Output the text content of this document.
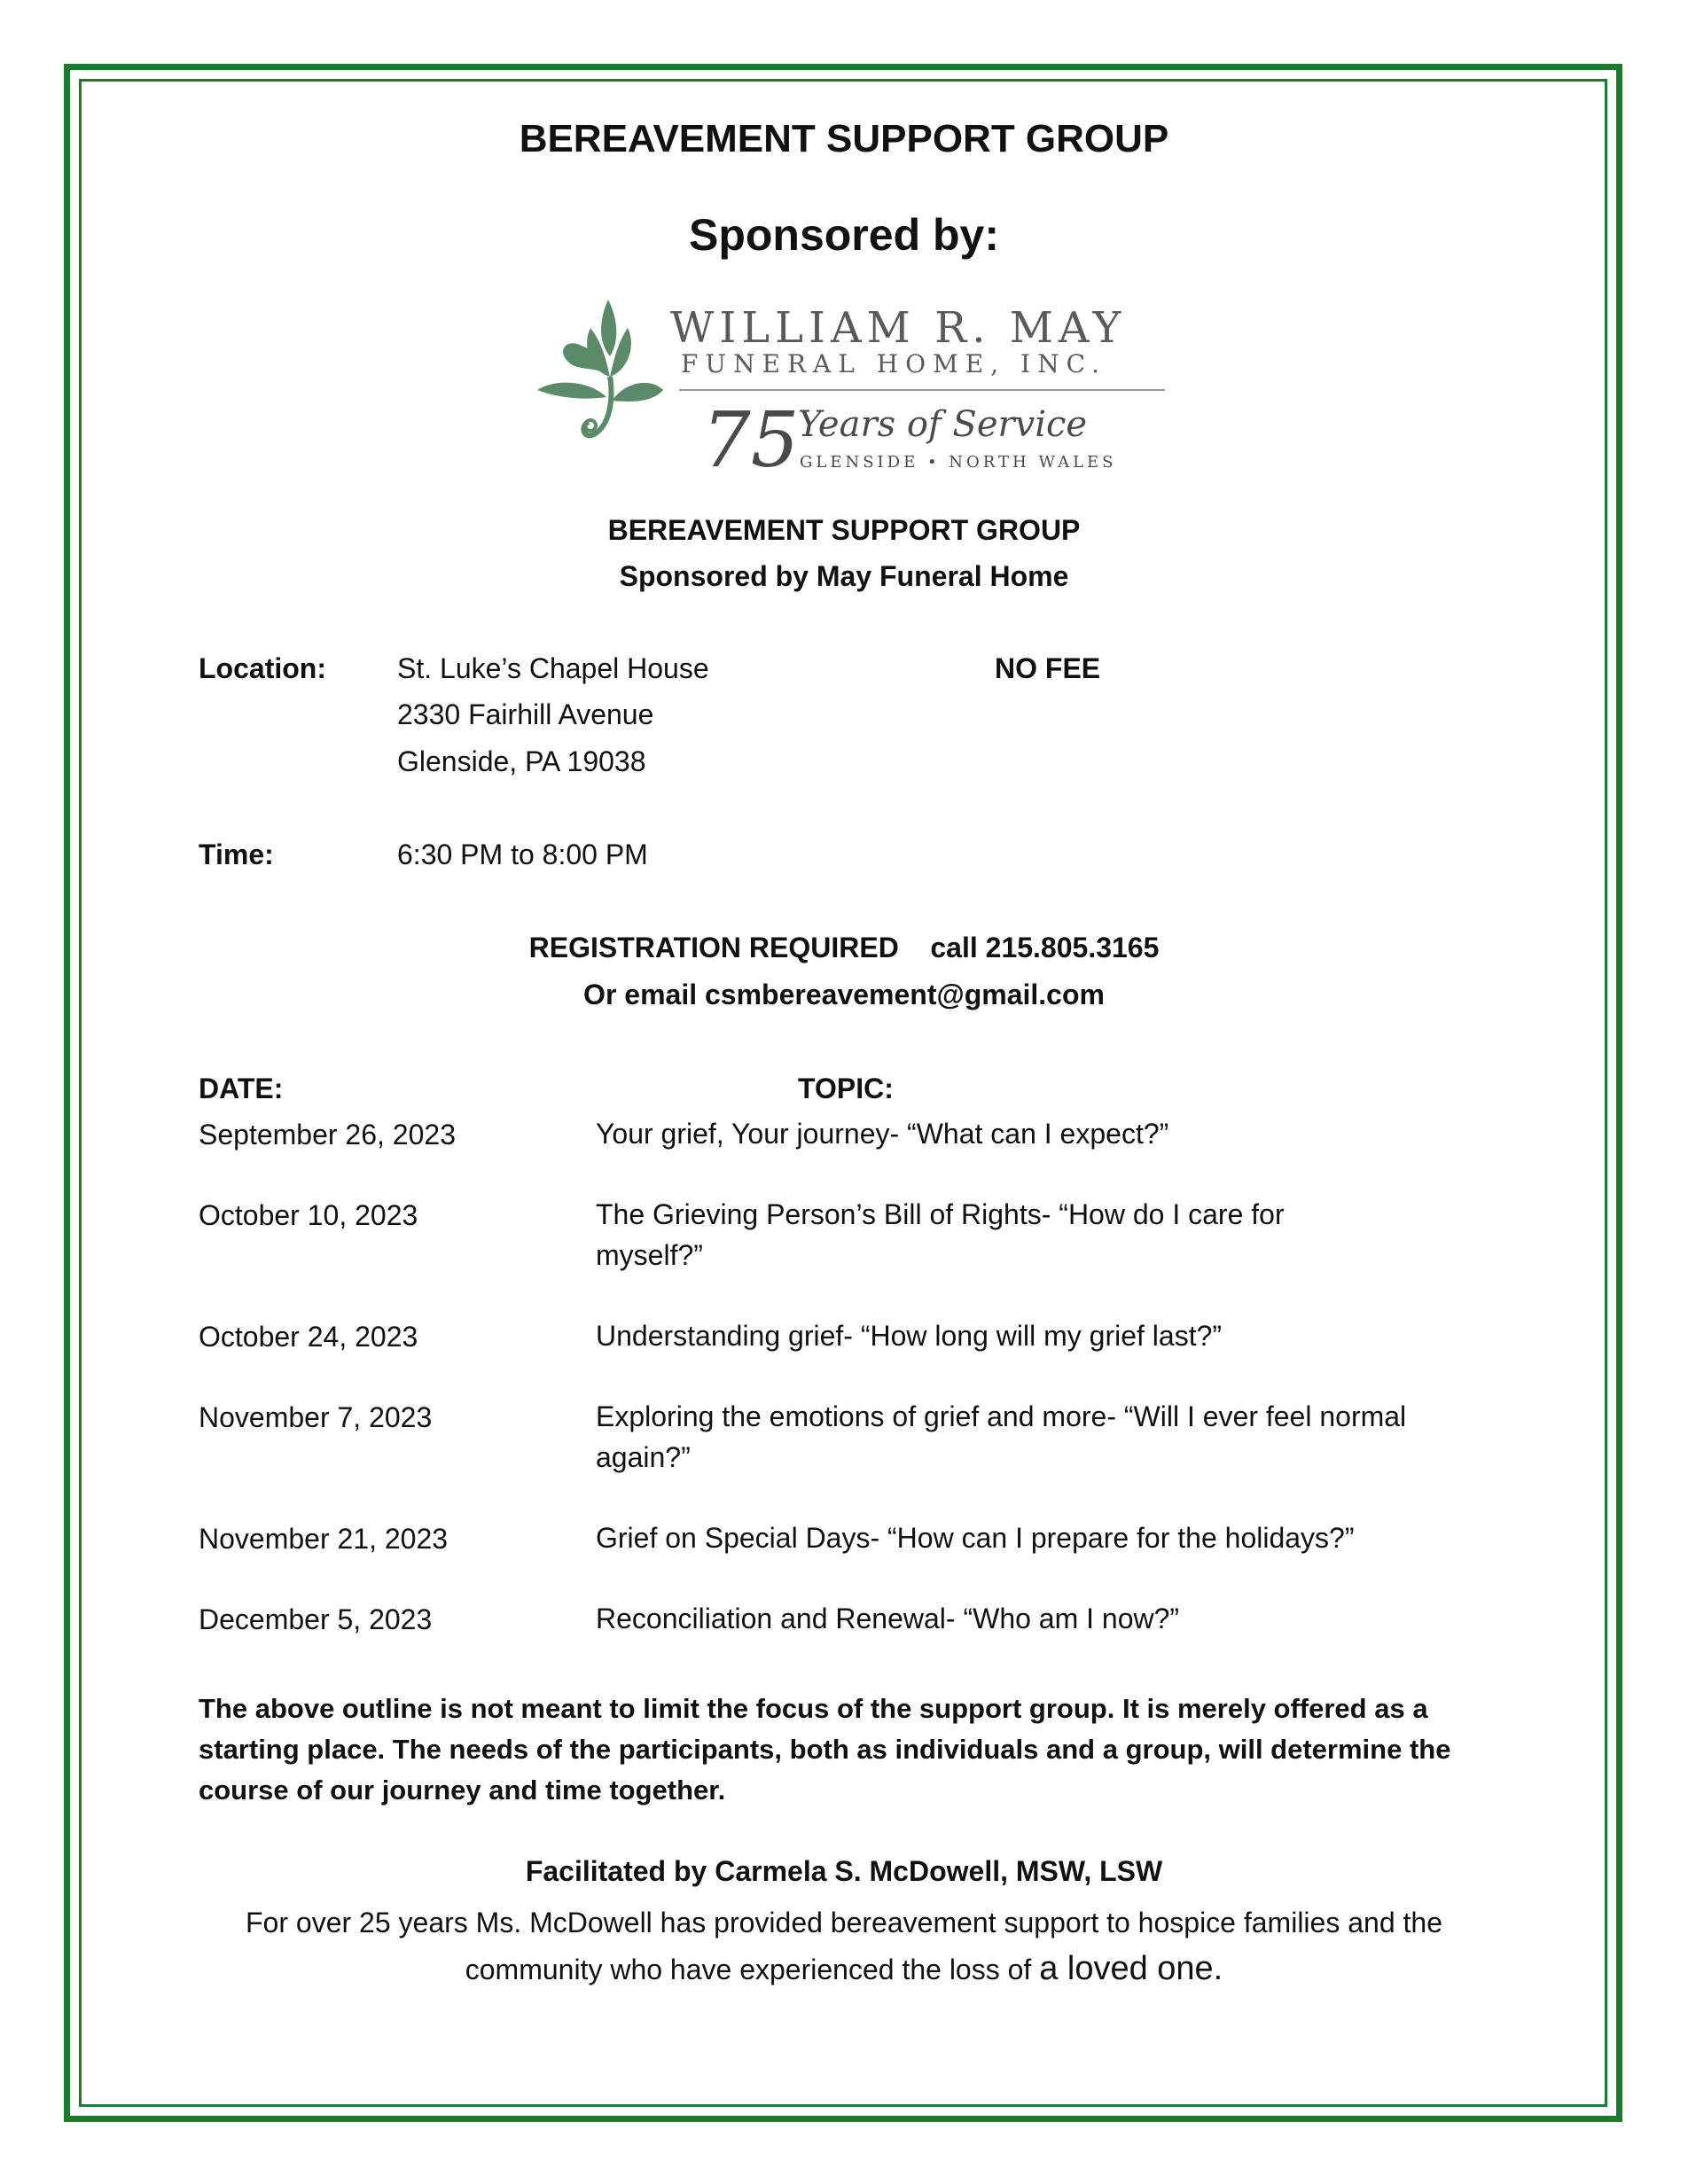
BEREAVEMENT SUPPORT GROUP
Sponsored by:
WILLIAM R. MAY
FUNERAL HOME, INC.
75
Years of Service
GLENSIDE • NORTH WALES
BEREAVEMENT SUPPORT GROUP
Sponsored by May Funeral Home
Location:	St. Luke’s Chapel House
2330 Fairhill Avenue
Glenside, PA 19038
NO FEE
Time:	6:30 PM to 8:00 PM
REGISTRATION REQUIRED call 215.805.3165
Or email csmbereavement@gmail.com
DATE:	TOPIC:
September 26, 2023	Your grief, Your journey- “What can I expect?”
October 10, 2023	The Grieving Person’s Bill of Rights- “How do I care for myself?”
October 24, 2023	Understanding grief- “How long will my grief last?”
November 7, 2023	Exploring the emotions of grief and more- “Will I ever feel normal again?”
November 21, 2023	Grief on Special Days- “How can I prepare for the holidays?”
December 5, 2023	Reconciliation and Renewal- “Who am I now?”
The above outline is not meant to limit the focus of the support group. It is merely offered as a starting place. The needs of the participants, both as individuals and a group, will determine the course of our journey and time together.
Facilitated by Carmela S. McDowell, MSW, LSW
For over 25 years Ms. McDowell has provided bereavement support to hospice families and the community who have experienced the loss of a loved one.
